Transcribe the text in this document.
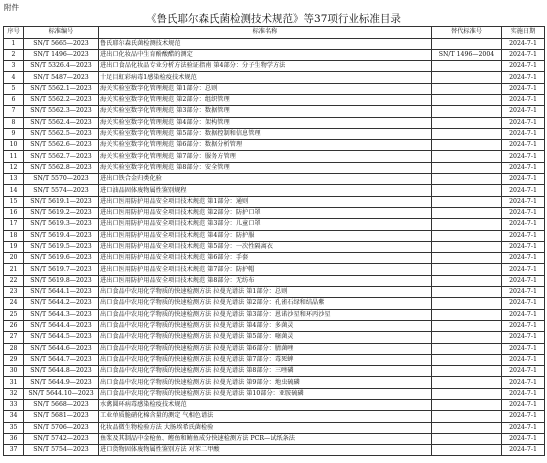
附件
《鲁氏耶尔森氏菌检测技术规范》等37项行业标准目录
序号	标准编号	标准名称	替代标准号	实施日期
1	SN/T 5665—2023	鲁氏耶尔森氏菌检测技术规范		2024-7-1
2	SN/T 1496—2023	进出口化妆品中生育酚酸醋的测定	SN/T 1496—2004	2024-7-1
3	SN/T 5326.4—2023	进出口食品化妆品专业分析方法验证指南 第4部分：分子生物学方法		2024-7-1
4	SN/T 5487—2023	十足目虹彩病毒1感染检疫技术规范		2024-7-1
5	SN/T 5562.1—2023	海关实验室数字化管理规范 第1部分：总则		2024-7-1
6	SN/T 5562.2—2023	海关实验室数字化管理规范 第2部分：组织管理		2024-7-1
7	SN/T 5562.3—2023	海关实验室数字化管理规范 第3部分：数据管理		2024-7-1
8	SN/T 5562.4—2023	海关实验室数字化管理规范 第4部分：架构管理		2024-7-1
9	SN/T 5562.5—2023	海关实验室数字化管理规范 第5部分：数据控制和信息管理		2024-7-1
10	SN/T 5562.6—2023	海关实验室数字化管理规范 第6部分：数据分析管理		2024-7-1
11	SN/T 5562.7—2023	海关实验室数字化管理规范 第7部分：服务方管理		2024-7-1
12	SN/T 5562.8—2023	海关实验室数字化管理规范 第8部分：安全管理		2024-7-1
13	SN/T 5570—2023	进出口铁合金归类化验		2024-7-1
14	SN/T 5574—2023	进口油品固体废物属性鉴别规程		2024-7-1
15	SN/T 5619.1—2023	进出口医用防护用品安全项目技术规范 第1部分：通则		2024-7-1
16	SN/T 5619.2—2023	进出口医用防护用品安全项目技术规范 第2部分：防护口罩		2024-7-1
17	SN/T 5619.3—2023	进出口医用防护用品安全项目技术规范 第3部分：儿童口罩		2024-7-1
18	SN/T 5619.4—2023	进出口医用防护用品安全项目技术规范 第4部分：防护服		2024-7-1
19	SN/T 5619.5—2023	进出口医用防护用品安全项目技术规范 第5部分：一次性隔离衣		2024-7-1
20	SN/T 5619.6—2023	进出口医用防护用品安全项目技术规范 第6部分：手套		2024-7-1
21	SN/T 5619.7—2023	进出口医用防护用品安全项目技术规范 第7部分：防护帽		2024-7-1
22	SN/T 5619.8—2023	进出口医用防护用品安全项目技术规范 第8部分：无纺布		2024-7-1
23	SN/T 5644.1—2023	出口食品中农用化学物质的快速检测方法 拉曼光谱法 第1部分：总则		2024-7-1
24	SN/T 5644.2—2023	出口食品中农用化学物质的快速检测方法 拉曼光谱法 第2部分：孔雀石绿和结晶紫		2024-7-1
25	SN/T 5644.3—2023	出口食品中农用化学物质的快速检测方法 拉曼光谱法 第3部分：恩诺沙星和环丙沙星		2024-7-1
26	SN/T 5644.4—2023	出口食品中农用化学物质的快速检测方法 拉曼光谱法 第4部分：多菌灵		2024-7-1
27	SN/T 5644.5—2023	出口食品中农用化学物质的快速检测方法 拉曼光谱法 第5部分：噻菌灵		2024-7-1
28	SN/T 5644.6—2023	出口食品中农用化学物质的快速检测方法 拉曼光谱法 第6部分：腈菌唑		2024-7-1
29	SN/T 5644.7—2023	出口食品中农用化学物质的快速检测方法 拉曼光谱法 第7部分：毒死蜱		2024-7-1
30	SN/T 5644.8—2023	出口食品中农用化学物质的快速检测方法 拉曼光谱法 第8部分：三唑磷		2024-7-1
31	SN/T 5644.9—2023	出口食品中农用化学物质的快速检测方法 拉曼光谱法 第9部分：地虫硫磷		2024-7-1
32	SN/T 5644.10—2023	出口食品中农用化学物质的快速检测方法 拉曼光谱法 第10部分：亚胺硫磷		2024-7-1
33	SN/T 5668—2023	水禽圆环病毒感染检疫技术规范		2024-7-1
34	SN/T 5681—2023	工业单质脆硝化棉含量的测定 气相色谱法		2024-7-1
35	SN/T 5706—2023	化妆品微生物检验方法 大肠埃希氏菌检验		2024-7-1
36	SN/T 5742—2023	鱼浆及其制品中金枪鱼、鲣鱼和鲔鱼成分快速检测方法 PCR—试纸条法		2024-7-1
37	SN/T 5754—2023	进口货物固体废物属性鉴别方法 对苯二甲酸		2024-7-1
